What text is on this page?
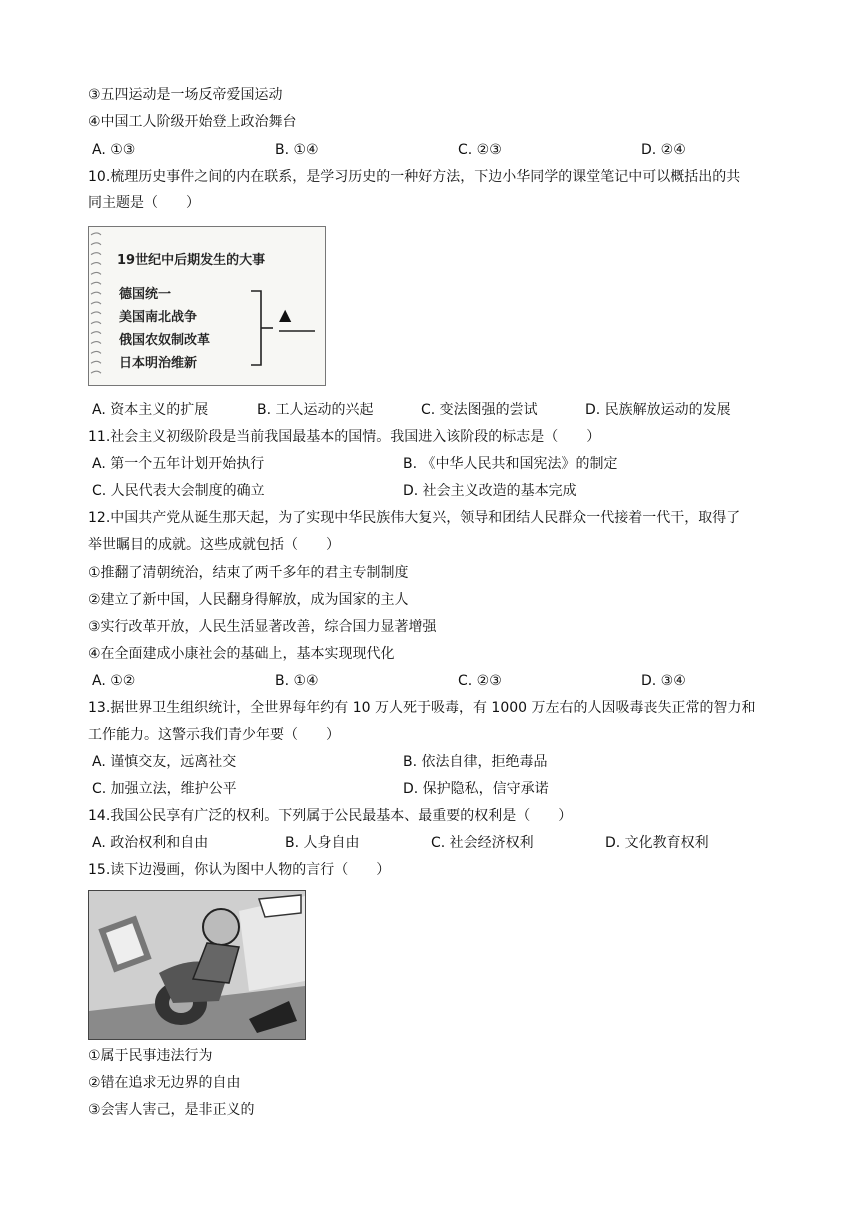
③五四运动是一场反帝爱国运动
④中国工人阶级开始登上政治舞台
A. ①③	B. ①④	C. ②③	D. ②④
10.梳理历史事件之间的内在联系，是学习历史的一种好方法，下边小华同学的课堂笔记中可以概括出的共
同主题是（　　）
19世纪中后期发生的大事
德国统一
美国南北战争
俄国农奴制改革
日本明治维新
▲
A. 资本主义的扩展	B. 工人运动的兴起	C. 变法图强的尝试	D. 民族解放运动的发展
11.社会主义初级阶段是当前我国最基本的国情。我国进入该阶段的标志是（　　）
A. 第一个五年计划开始执行	B. 《中华人民共和国宪法》的制定
C. 人民代表大会制度的确立	D. 社会主义改造的基本完成
12.中国共产党从诞生那天起，为了实现中华民族伟大复兴，领导和团结人民群众一代接着一代干，取得了
举世瞩目的成就。这些成就包括（　　）
①推翻了清朝统治，结束了两千多年的君主专制制度
②建立了新中国，人民翻身得解放，成为国家的主人
③实行改革开放，人民生活显著改善，综合国力显著增强
④在全面建成小康社会的基础上，基本实现现代化
A. ①②	B. ①④	C. ②③	D. ③④
13.据世界卫生组织统计，全世界每年约有 10 万人死于吸毒，有 1000 万左右的人因吸毒丧失正常的智力和
工作能力。这警示我们青少年要（　　）
A. 谨慎交友，远离社交	B. 依法自律，拒绝毒品
C. 加强立法，维护公平	D. 保护隐私，信守承诺
14.我国公民享有广泛的权利。下列属于公民最基本、最重要的权利是（　　）
A. 政治权利和自由	B. 人身自由	C. 社会经济权利	D. 文化教育权利
15.读下边漫画，你认为图中人物的言行（　　）
①属于民事违法行为
②错在追求无边界的自由
③会害人害己，是非正义的
